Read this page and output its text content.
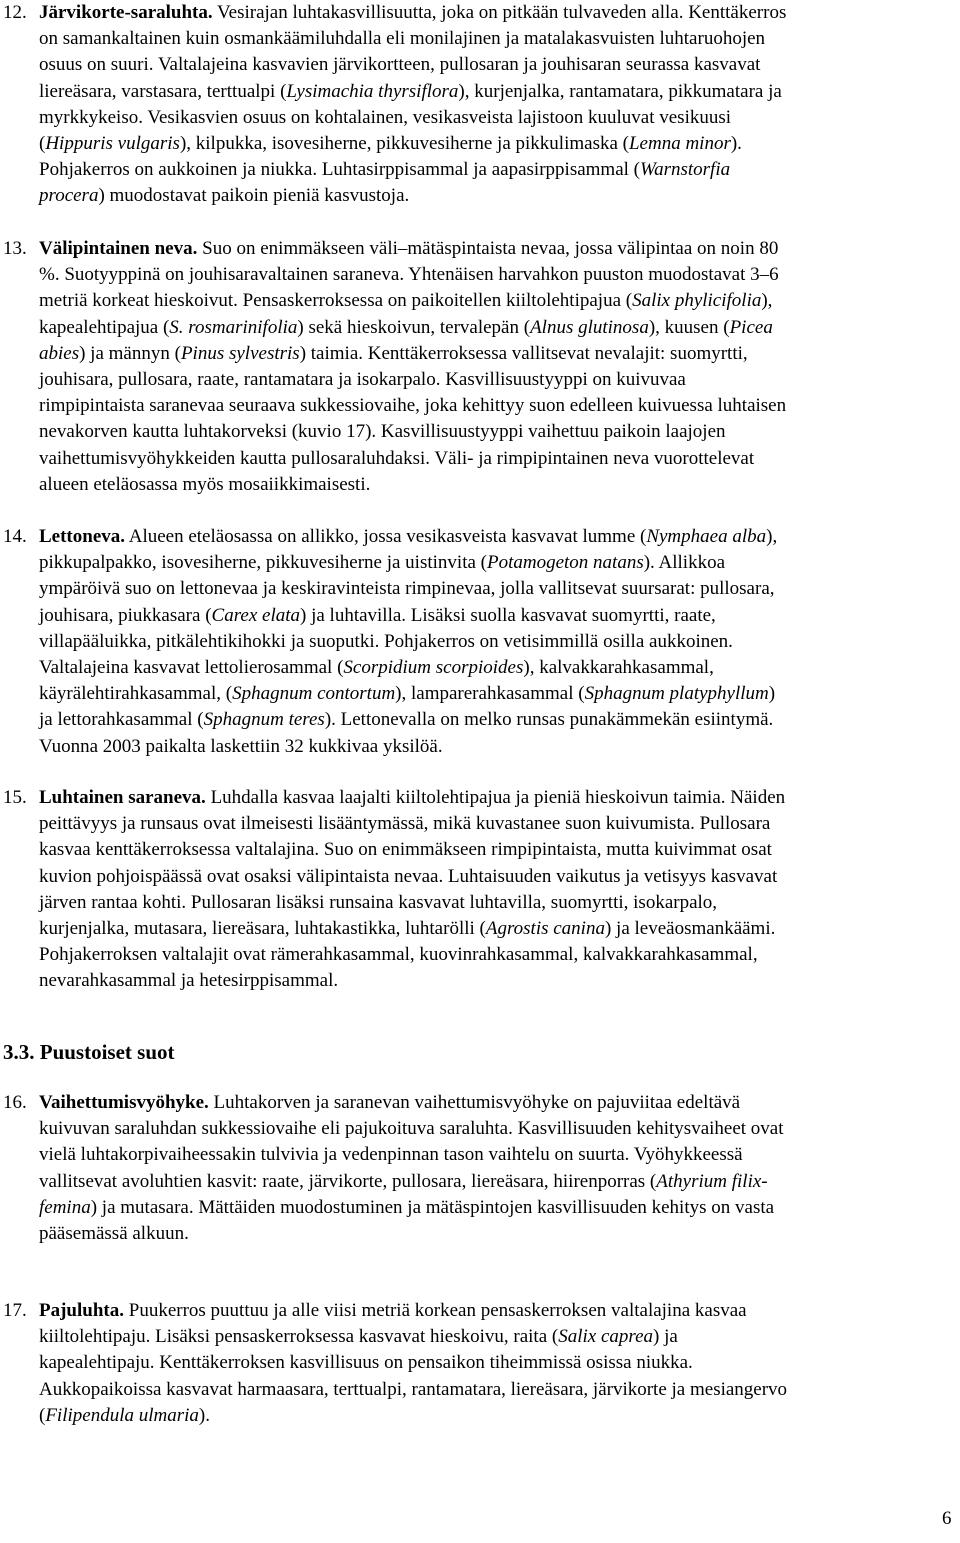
12. Järvikorte-saraluhta. Vesirajan luhtakasvillisuutta, joka on pitkään tulvaveden alla. Kenttäkerros
on samankaltainen kuin osmankäämiluhdalla eli monilajinen ja matalakasvuisten luhtaruohojen
osuus on suuri. Valtalajeina kasvavien järvikortteen, pullosaran ja jouhisaran seurassa kasvavat
liereäsara, varstasara, terttualpi (Lysimachia thyrsiflora), kurjenjalka, rantamatara, pikkumatara ja
myrkkykeiso. Vesikasvien osuus on kohtalainen, vesikasveista lajistoon kuuluvat vesikuusi
(Hippuris vulgaris), kilpukka, isovesiherne, pikkuvesiherne ja pikkulimaska (Lemna minor).
Pohjakerros on aukkoinen ja niukka. Luhtasirppisammal ja aapasirppisammal (Warnstorfia
procera) muodostavat paikoin pieniä kasvustoja.

13. Välipintainen neva. Suo on enimmäkseen väli–mätäspintaista nevaa, jossa välipintaa on noin 80
%. Suotyyppinä on jouhisaravaltainen saraneva. Yhtenäisen harvahkon puuston muodostavat 3–6
metriä korkeat hieskoivut. Pensaskerroksessa on paikoitellen kiiltolehtipajua (Salix phylicifolia),
kapealehtipajua (S. rosmarinifolia) sekä hieskoivun, tervalepän (Alnus glutinosa), kuusen (Picea
abies) ja männyn (Pinus sylvestris) taimia. Kenttäkerroksessa vallitsevat nevalajit: suomyrtti,
jouhisara, pullosara, raate, rantamatara ja isokarpalo. Kasvillisuustyyppi on kuivuvaa
rimpipintaista saranevaa seuraava sukkessiovaihe, joka kehittyy suon edelleen kuivuessa luhtaisen
nevakorven kautta luhtakorveksi (kuvio 17). Kasvillisuustyyppi vaihettuu paikoin laajojen
vaihettumisvyöhykkeiden kautta pullosaraluhdaksi. Väli- ja rimpipintainen neva vuorottelevat
alueen eteläosassa myös mosaiikkimaisesti.

14. Lettoneva. Alueen eteläosassa on allikko, jossa vesikasveista kasvavat lumme (Nymphaea alba),
pikkupalpakko, isovesiherne, pikkuvesiherne ja uistinvita (Potamogeton natans). Allikkoa
ympäröivä suo on lettonevaa ja keskiravinteista rimpinevaa, jolla vallitsevat suursarat: pullosara,
jouhisara, piukkasara (Carex elata) ja luhtavilla. Lisäksi suolla kasvavat suomyrtti, raate,
villapääluikka, pitkälehtikihokki ja suoputki. Pohjakerros on vetisimmillä osilla aukkoinen.
Valtalajeina kasvavat lettolierosammal (Scorpidium scorpioides), kalvakkarahkasammal,
käyrälehtirahkasammal, (Sphagnum contortum), lamparerahkasammal (Sphagnum platyphyllum)
ja lettorahkasammal (Sphagnum teres). Lettonevalla on melko runsas punakämmekän esiintymä.
Vuonna 2003 paikalta laskettiin 32 kukkivaa yksilöä.

15. Luhtainen saraneva. Luhdalla kasvaa laajalti kiiltolehtipajua ja pieniä hieskoivun taimia. Näiden
peittävyys ja runsaus ovat ilmeisesti lisääntymässä, mikä kuvastanee suon kuivumista. Pullosara
kasvaa kenttäkerroksessa valtalajina. Suo on enimmäkseen rimpipintaista, mutta kuivimmat osat
kuvion pohjoispäässä ovat osaksi välipintaista nevaa. Luhtaisuuden vaikutus ja vetisyys kasvavat
järven rantaa kohti. Pullosaran lisäksi runsaina kasvavat luhtavilla, suomyrtti, isokarpalo,
kurjenjalka, mutasara, liereäsara, luhtakastikka, luhtarölli (Agrostis canina) ja leveäosmankäämi.
Pohjakerroksen valtalajit ovat rämerahkasammal, kuovinrahkasammal, kalvakkarahkasammal,
nevarahkasammal ja hetesirppisammal.

16. Vaihettumisvyöhyke. Luhtakorven ja saranevan vaihettumisvyöhyke on pajuviitaa edeltävä
kuivuvan saraluhdan sukkessiovaihe eli pajukoituva saraluhta. Kasvillisuuden kehitysvaiheet ovat
vielä luhtakorpivaiheessakin tulvivia ja vedenpinnan tason vaihtelu on suurta. Vyöhykkeessä
vallitsevat avoluhtien kasvit: raate, järvikorte, pullosara, liereäsara, hiirenporras (Athyrium filix-
femina) ja mutasara. Mättäiden muodostuminen ja mätäspintojen kasvillisuuden kehitys on vasta
pääsemässä alkuun.

17. Pajuluhta. Puukerros puuttuu ja alle viisi metriä korkean pensaskerroksen valtalajina kasvaa
kiiltolehtipaju. Lisäksi pensaskerroksessa kasvavat hieskoivu, raita (Salix caprea) ja
kapealehtipaju. Kenttäkerroksen kasvillisuus on pensaikon tiheimmissä osissa niukka.
Aukkopaikoissa kasvavat harmaasara, terttualpi, rantamatara, liereäsara, järvikorte ja mesiangervo
(Filipendula ulmaria).

3.3. Puustoiset suot
6
